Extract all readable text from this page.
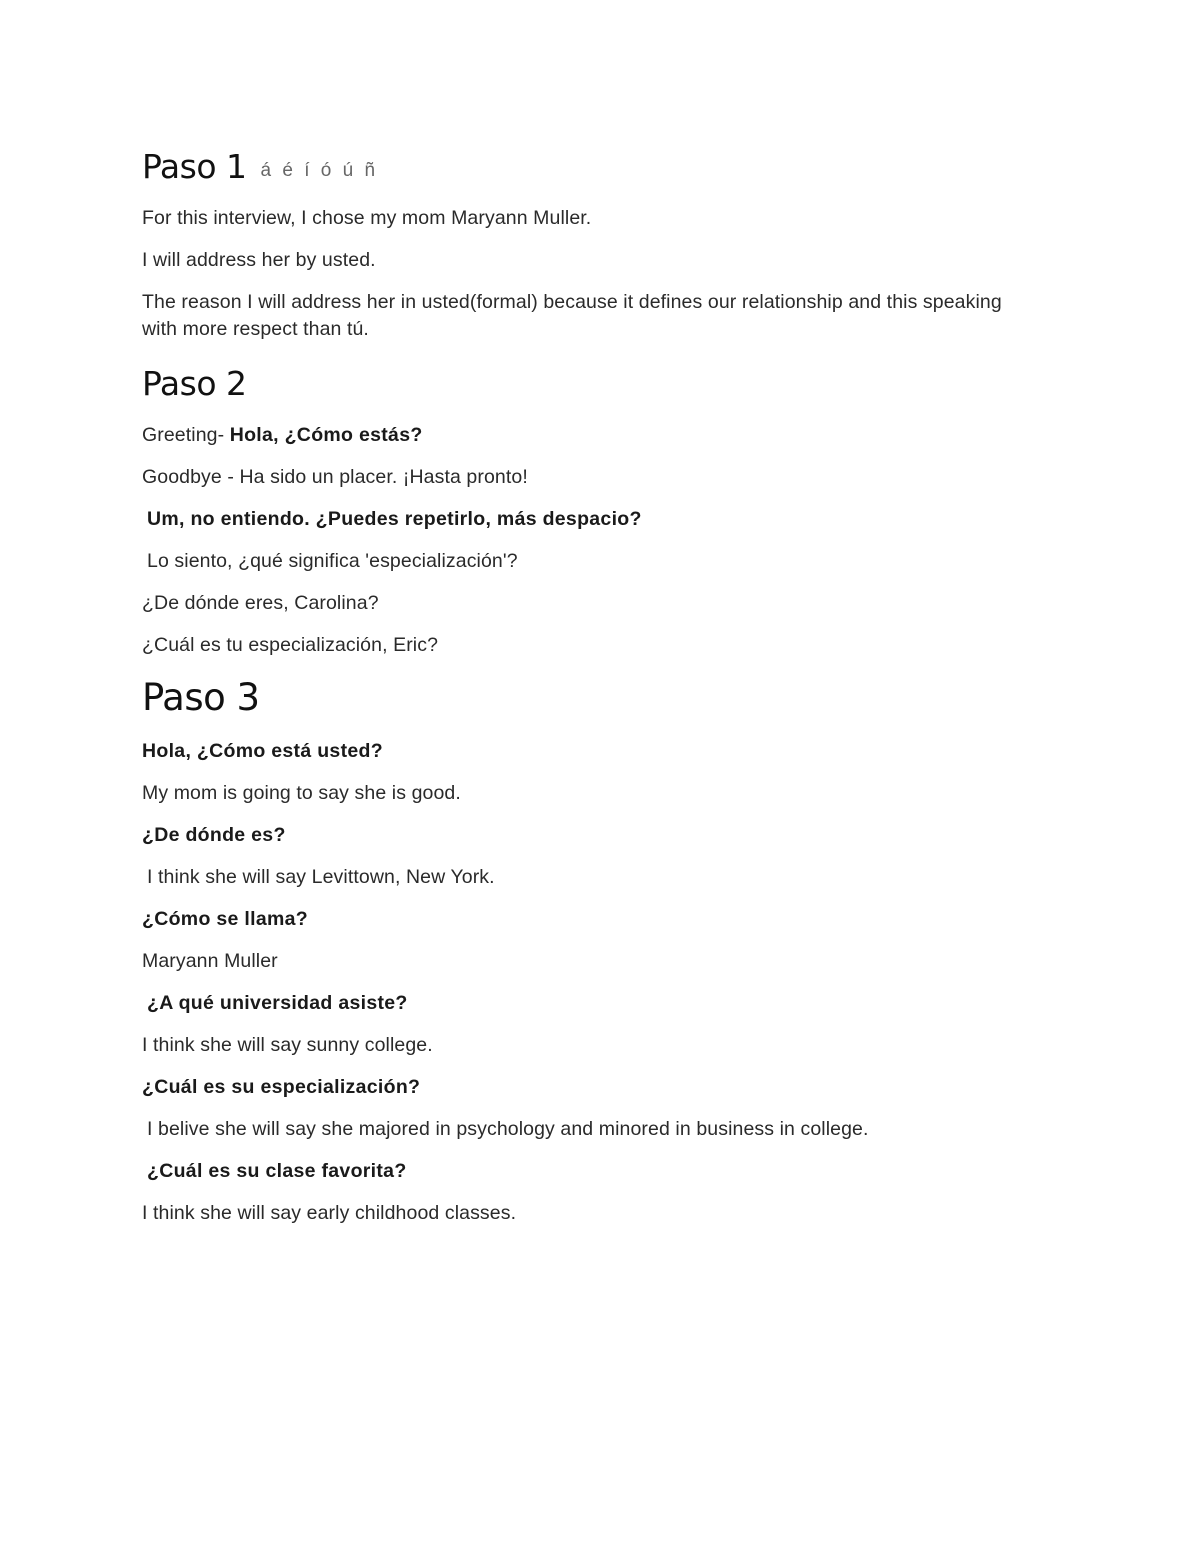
Paso 1 á é í ó ú ñ

For this interview, I chose my mom Maryann Muller.

I will address her by usted.

The reason I will address her in usted(formal) because it defines our relationship and this speaking with more respect than tú.

Paso 2

Greeting- Hola, ¿Cómo estás?

Goodbye - Ha sido un placer. ¡Hasta pronto!

Um, no entiendo. ¿Puedes repetirlo, más despacio?

Lo siento, ¿qué significa 'especialización'?

¿De dónde eres, Carolina?

¿Cuál es tu especialización, Eric?

Paso 3

Hola, ¿Cómo está usted?

My mom is going to say she is good.

¿De dónde es?

I think she will say Levittown, New York.

¿Cómo se llama?

Maryann Muller

¿A qué universidad asiste?

I think she will say sunny college.

¿Cuál es su especialización?

I belive she will say she majored in psychology and minored in business in college.

¿Cuál es su clase favorita?

I think she will say early childhood classes.
